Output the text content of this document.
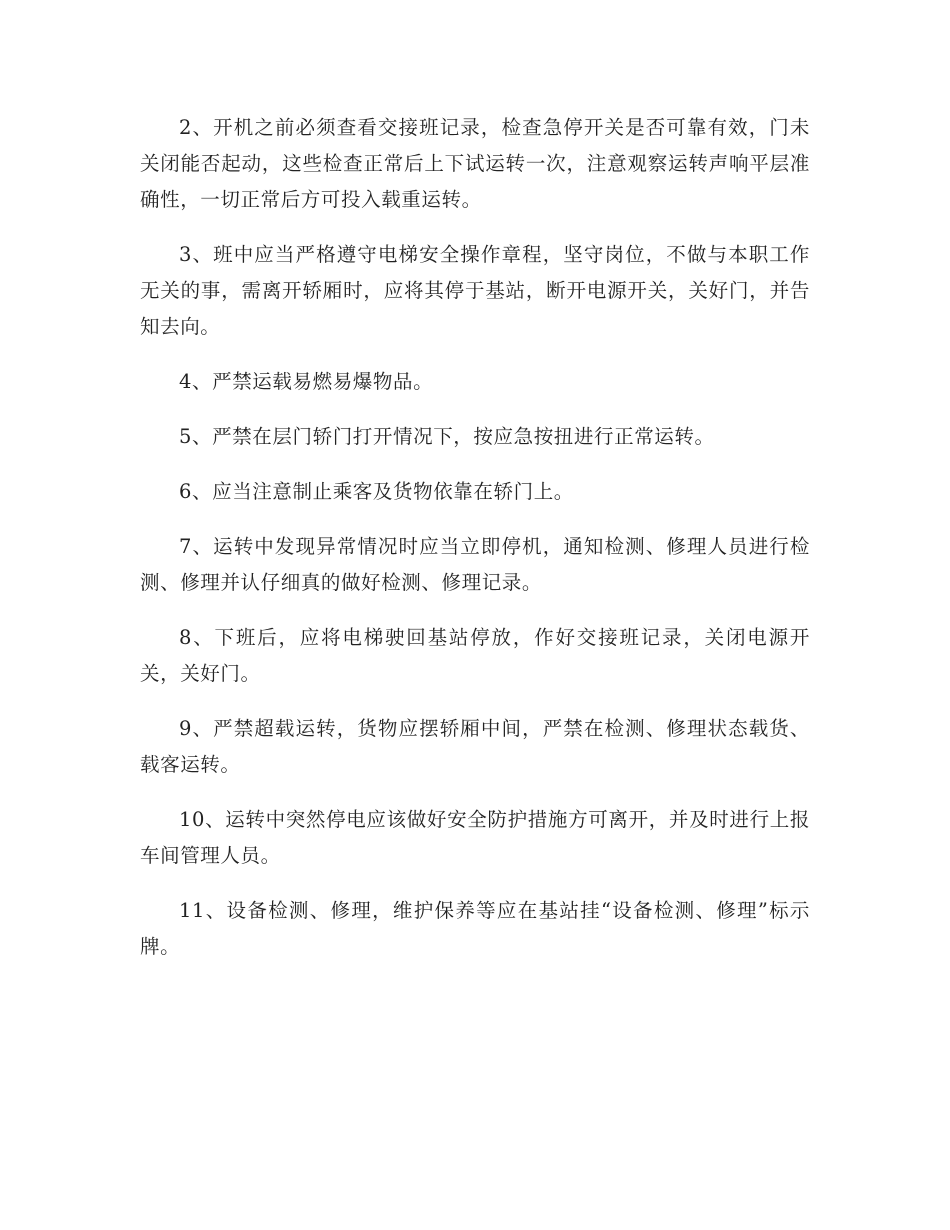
2、开机之前必须查看交接班记录，检查急停开关是否可靠有效，门未关闭能否起动，这些检查正常后上下试运转一次，注意观察运转声响平层准确性，一切正常后方可投入载重运转。

3、班中应当严格遵守电梯安全操作章程，坚守岗位，不做与本职工作无关的事，需离开轿厢时，应将其停于基站，断开电源开关，关好门，并告知去向。

4、严禁运载易燃易爆物品。

5、严禁在层门轿门打开情况下，按应急按扭进行正常运转。

6、应当注意制止乘客及货物依靠在轿门上。

7、运转中发现异常情况时应当立即停机，通知检测、修理人员进行检测、修理并认仔细真的做好检测、修理记录。

8、下班后，应将电梯驶回基站停放，作好交接班记录，关闭电源开关，关好门。

9、严禁超载运转，货物应摆轿厢中间，严禁在检测、修理状态载货、载客运转。

10、运转中突然停电应该做好安全防护措施方可离开，并及时进行上报车间管理人员。

11、设备检测、修理，维护保养等应在基站挂“设备检测、修理”标示牌。
